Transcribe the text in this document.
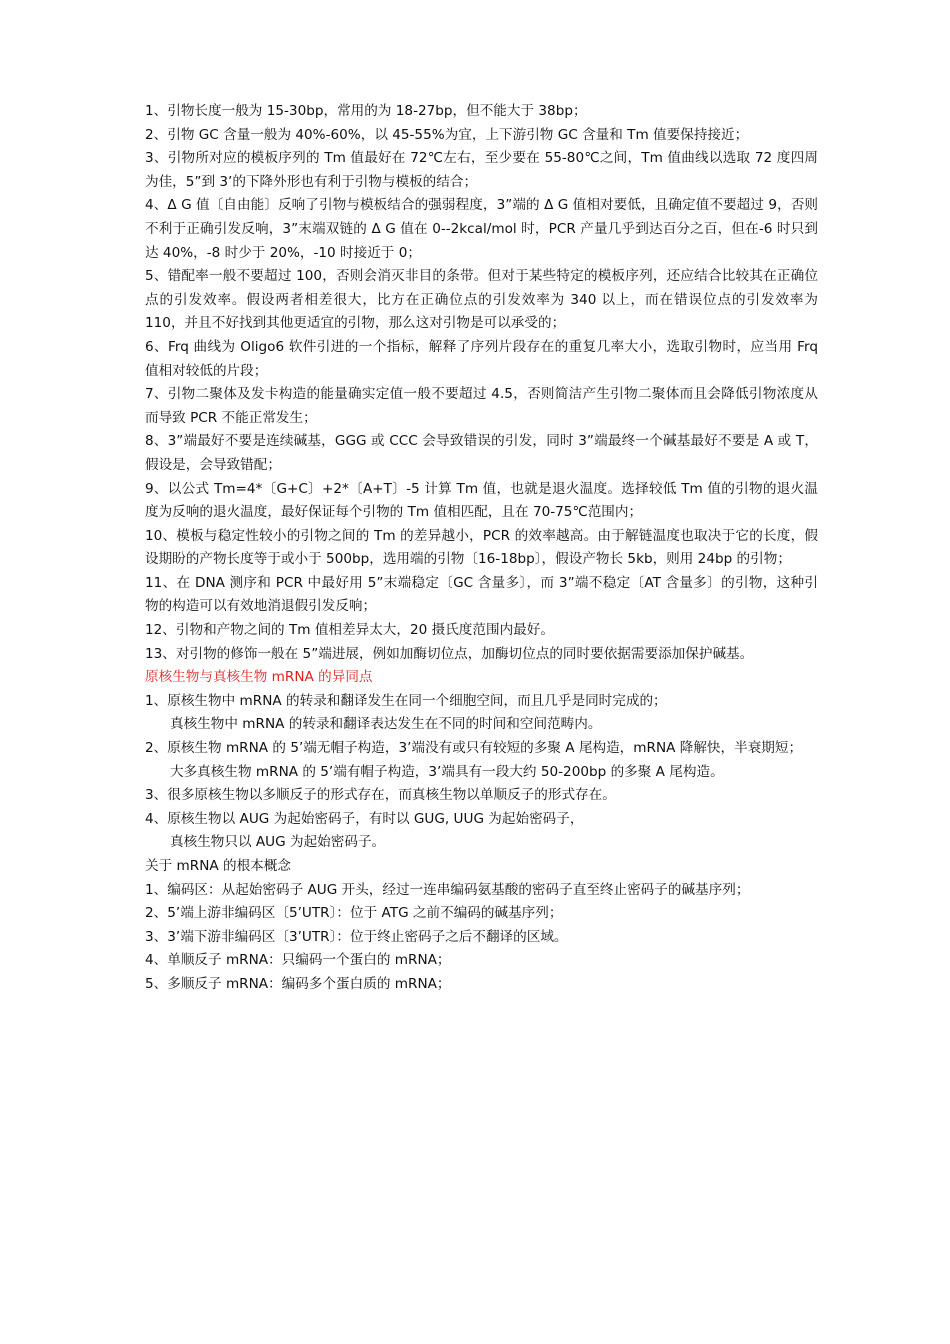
1、引物长度一般为 15-30bp，常用的为 18-27bp，但不能大于 38bp；

2、引物 GC 含量一般为 40%-60%，以 45-55%为宜，上下游引物 GC 含量和 Tm 值要保持接近；

3、引物所对应的模板序列的 Tm 值最好在 72℃左右，至少要在 55-80℃之间，Tm 值曲线以选取 72 度四周为佳，5”到 3’的下降外形也有利于引物与模板的结合；

4、Δ G 值〔自由能〕反响了引物与模板结合的强弱程度，3”端的 Δ G 值相对要低，且确定值不要超过 9，否则不利于正确引发反响，3”末端双链的 Δ G 值在 0--2kcal/mol 时，PCR 产量几乎到达百分之百，但在-6 时只到达 40%，-8 时少于 20%，-10 时接近于 0；

5、错配率一般不要超过 100，否则会消灭非目的条带。但对于某些特定的模板序列，还应结合比较其在正确位点的引发效率。假设两者相差很大，比方在正确位点的引发效率为 340 以上，而在错误位点的引发效率为 110，并且不好找到其他更适宜的引物，那么这对引物是可以承受的；

6、Frq 曲线为 Oligo6 软件引进的一个指标，解释了序列片段存在的重复几率大小，选取引物时，应当用 Frq 值相对较低的片段；

7、引物二聚体及发卡构造的能量确实定值一般不要超过 4.5，否则简洁产生引物二聚体而且会降低引物浓度从而导致 PCR 不能正常发生；

8、3”端最好不要是连续碱基，GGG 或 CCC 会导致错误的引发，同时 3”端最终一个碱基最好不要是 A 或 T，假设是，会导致错配；

9、以公式 Tm=4*〔G+C〕+2*〔A+T〕-5 计算 Tm 值，也就是退火温度。选择较低 Tm 值的引物的退火温度为反响的退火温度，最好保证每个引物的 Tm 值相匹配，且在 70-75℃范围内；

10、模板与稳定性较小的引物之间的 Tm 的差异越小，PCR 的效率越高。由于解链温度也取决于它的长度，假设期盼的产物长度等于或小于 500bp，选用端的引物〔16-18bp〕，假设产物长 5kb，则用 24bp 的引物；

11、在 DNA 测序和 PCR 中最好用 5”末端稳定〔GC 含量多〕，而 3”端不稳定〔AT 含量多〕的引物，这种引物的构造可以有效地消退假引发反响；

12、引物和产物之间的 Tm 值相差异太大，20 摄氏度范围内最好。

13、对引物的修饰一般在 5”端进展，例如加酶切位点，加酶切位点的同时要依据需要添加保护碱基。

原核生物与真核生物 mRNA 的异同点

1、原核生物中 mRNA 的转录和翻译发生在同一个细胞空间，而且几乎是同时完成的；

真核生物中 mRNA 的转录和翻译表达发生在不同的时间和空间范畴内。

2、原核生物 mRNA 的 5’端无帽子构造，3’端没有或只有较短的多聚 A 尾构造，mRNA 降解快，半衰期短；

大多真核生物 mRNA 的 5’端有帽子构造，3’端具有一段大约 50-200bp 的多聚 A 尾构造。

3、很多原核生物以多顺反子的形式存在，而真核生物以单顺反子的形式存在。

4、原核生物以 AUG 为起始密码子，有时以 GUG, UUG 为起始密码子，

真核生物只以 AUG 为起始密码子。

关于 mRNA 的根本概念

1、编码区：从起始密码子 AUG 开头，经过一连串编码氨基酸的密码子直至终止密码子的碱基序列；

2、5’端上游非编码区〔5’UTR〕：位于 ATG 之前不编码的碱基序列；

3、3’端下游非编码区〔3’UTR〕：位于终止密码子之后不翻译的区域。

4、单顺反子 mRNA：只编码一个蛋白的 mRNA；

5、多顺反子 mRNA：编码多个蛋白质的 mRNA；
